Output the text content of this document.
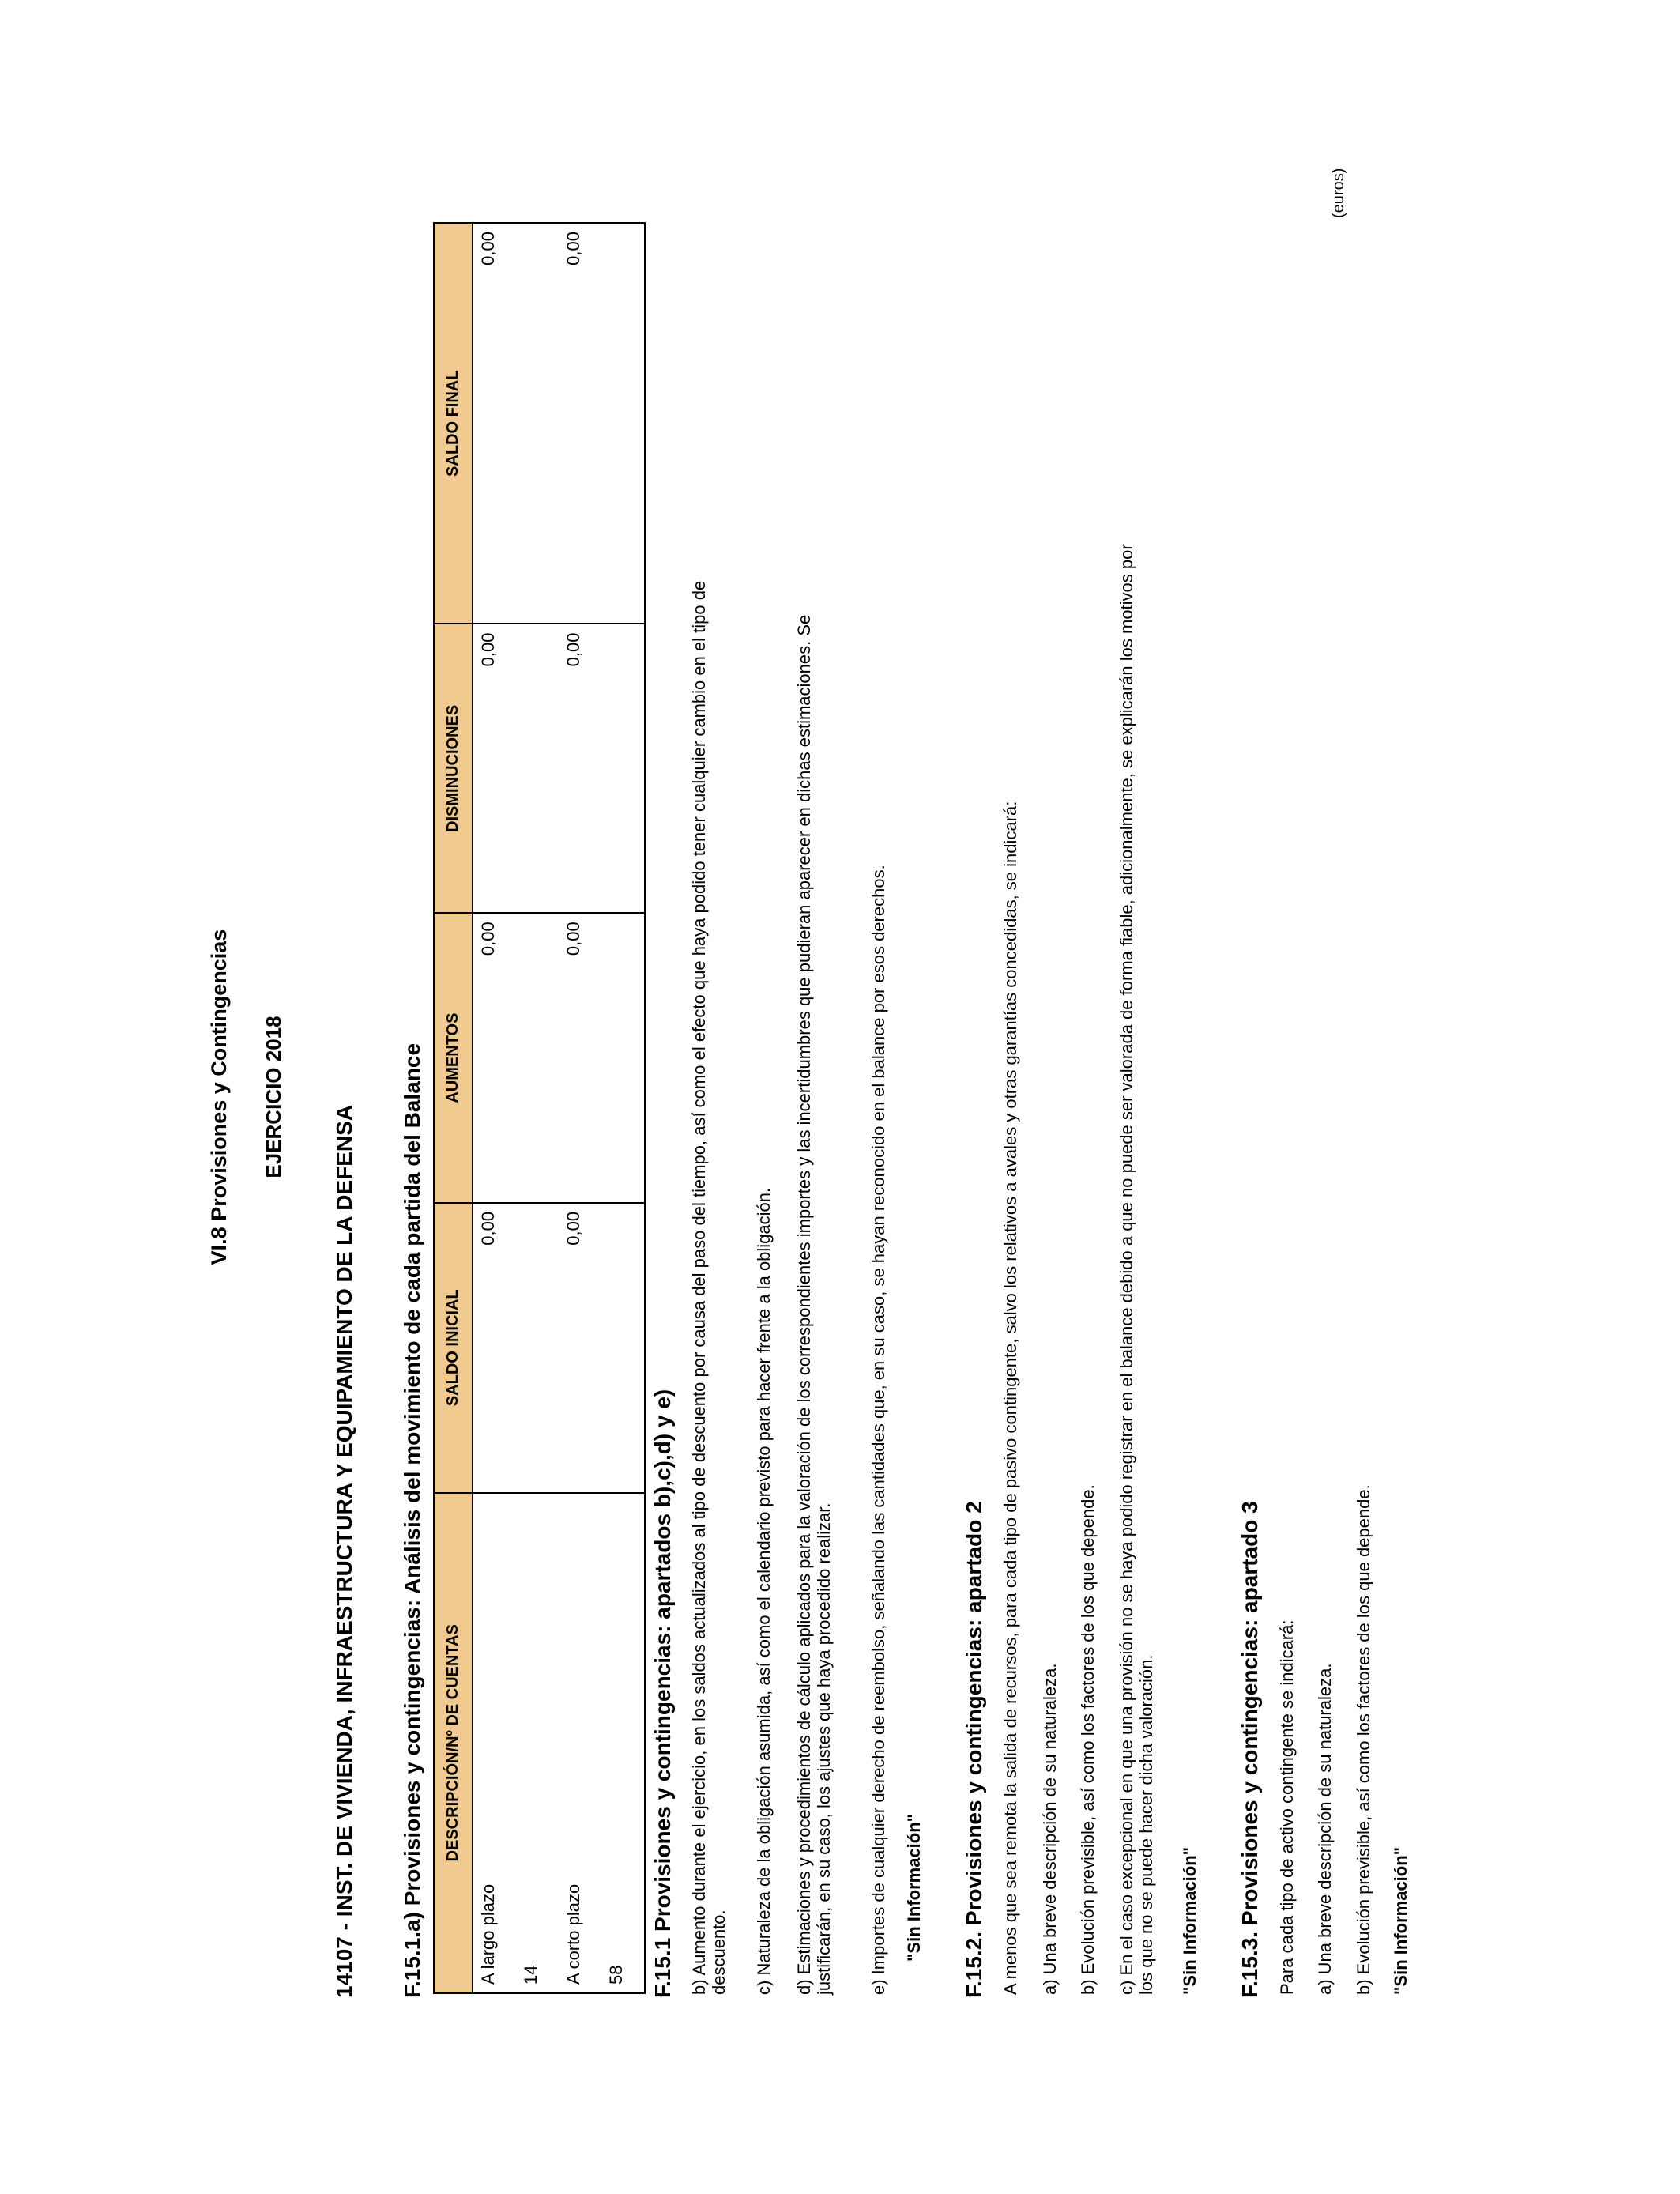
VI.8 Provisiones y Contingencias EJERCICIO 2018
14107 - INST. DE VIVIENDA, INFRAESTRUCTURA Y EQUIPAMIENTO DE LA DEFENSA
(euros)
F.15.1.a) Provisiones y contingencias: Análisis del movimiento de cada partida del Balance DESCRIPCIÓN/Nº DE CUENTAS	SALDO INICIAL	AUMENTOS	DISMINUCIONES	SALDO FINAL
A largo plazo	0,00	0,00	0,00	0,00
14				
A corto plazo	0,00	0,00	0,00	0,00
58				F.15.1 Provisiones y contingencias: apartados b),c),d) y e) b) Aumento durante el ejercicio, en los saldos actualizados al tipo de descuento por causa del paso del tiempo, así como el efecto que haya podido tener cualquier cambio en el tipo de descuento. c) Naturaleza de la obligación asumida, así como el calendario previsto para hacer frente a la obligación. d) Estimaciones y procedimientos de cálculo aplicados para la valoración de los correspondientes importes y las incertidumbres que pudieran aparecer en dichas estimaciones. Se justificarán, en su caso, los ajustes que haya procedido realizar. e) Importes de cualquier derecho de reembolso, señalando las cantidades que, en su caso, se hayan reconocido en el balance por esos derechos. "Sin Información" F.15.2. Provisiones y contingencias: apartado 2 A menos que sea remota la salida de recursos, para cada tipo de pasivo contingente, salvo los relativos a avales y otras garantías concedidas, se indicará: a) Una breve descripción de su naturaleza. b) Evolución previsible, así como los factores de los que depende. c) En el caso excepcional en que una provisión no se haya podido registrar en el balance debido a que no puede ser valorada de forma fiable, adicionalmente, se explicarán los motivos por los que no se puede hacer dicha valoración. "Sin Información" F.15.3. Provisiones y contingencias: apartado 3 Para cada tipo de activo contingente se indicará: a) Una breve descripción de su naturaleza. b) Evolución previsible, así como los factores de los que depende. "Sin Información"
